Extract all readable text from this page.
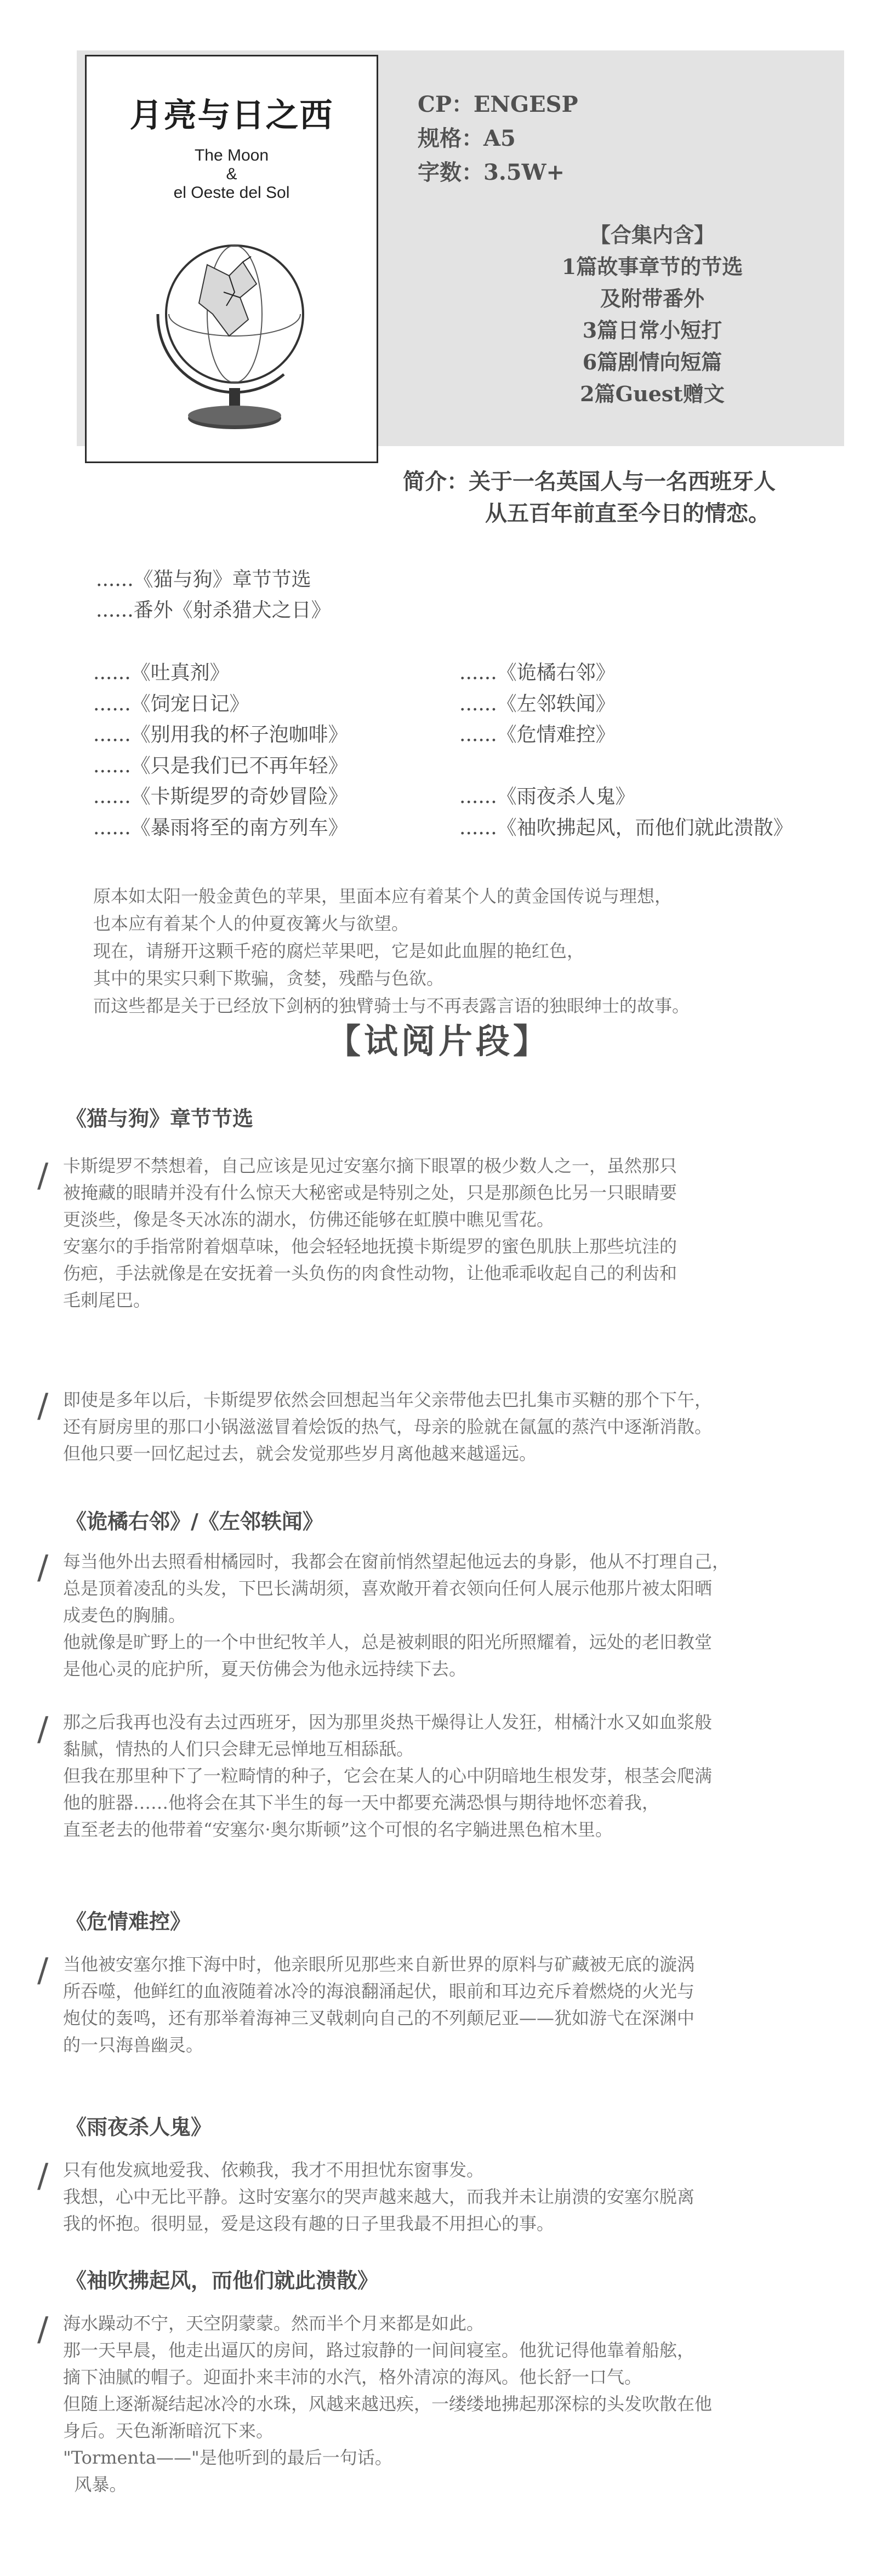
月亮与日之西
The Moon
&
el Oeste del Sol
CP：ENGESP
规格：A5
字数：3.5W+
【合集内含】
1篇故事章节的节选
及附带番外
3篇日常小短打
6篇剧情向短篇
2篇Guest赠文
简介：关于一名英国人与一名西班牙人
从五百年前直至今日的情恋。
......《猫与狗》章节节选
......番外《射杀猎犬之日》
......《吐真剂》
......《饲宠日记》
......《别用我的杯子泡咖啡》
......《只是我们已不再年轻》
......《卡斯缇罗的奇妙冒险》
......《暴雨将至的南方列车》
......《诡橘右邻》
......《左邻轶闻》
......《危情难控》
......《雨夜杀人鬼》
......《袖吹拂起风，而他们就此溃散》
原本如太阳一般金黄色的苹果，里面本应有着某个人的黄金国传说与理想，
也本应有着某个人的仲夏夜篝火与欲望。
现在，请掰开这颗千疮的腐烂苹果吧，它是如此血腥的艳红色，
其中的果实只剩下欺骗，贪婪，残酷与色欲。
而这些都是关于已经放下剑柄的独臂骑士与不再表露言语的独眼绅士的故事。
【试阅片段】
《猫与狗》章节节选
/ 卡斯缇罗不禁想着，自己应该是见过安塞尔摘下眼罩的极少数人之一，虽然那只
被掩藏的眼睛并没有什么惊天大秘密或是特别之处，只是那颜色比另一只眼睛要
更淡些，像是冬天冰冻的湖水，仿佛还能够在虹膜中瞧见雪花。
安塞尔的手指常附着烟草味，他会轻轻地抚摸卡斯缇罗的蜜色肌肤上那些坑洼的
伤疤，手法就像是在安抚着一头负伤的肉食性动物，让他乖乖收起自己的利齿和
毛刺尾巴。
/ 即使是多年以后，卡斯缇罗依然会回想起当年父亲带他去巴扎集市买糖的那个下午，
还有厨房里的那口小锅滋滋冒着烩饭的热气，母亲的脸就在氤氲的蒸汽中逐渐消散。
但他只要一回忆起过去，就会发觉那些岁月离他越来越遥远。
《诡橘右邻》/《左邻轶闻》
/ 每当他外出去照看柑橘园时，我都会在窗前悄然望起他远去的身影，他从不打理自己，
总是顶着凌乱的头发，下巴长满胡须，喜欢敞开着衣领向任何人展示他那片被太阳晒
成麦色的胸脯。
他就像是旷野上的一个中世纪牧羊人，总是被刺眼的阳光所照耀着，远处的老旧教堂
是他心灵的庇护所，夏天仿佛会为他永远持续下去。
/ 那之后我再也没有去过西班牙，因为那里炎热干燥得让人发狂，柑橘汁水又如血浆般
黏腻，情热的人们只会肆无忌惮地互相舔舐。
但我在那里种下了一粒畸情的种子，它会在某人的心中阴暗地生根发芽，根茎会爬满
他的脏器……他将会在其下半生的每一天中都要充满恐惧与期待地怀恋着我，
直至老去的他带着“安塞尔·奥尔斯顿”这个可恨的名字躺进黑色棺木里。
《危情难控》
/ 当他被安塞尔推下海中时，他亲眼所见那些来自新世界的原料与矿藏被无底的漩涡
所吞噬，他鲜红的血液随着冰冷的海浪翻涌起伏，眼前和耳边充斥着燃烧的火光与
炮仗的轰鸣，还有那举着海神三叉戟刺向自己的不列颠尼亚——犹如游弋在深渊中
的一只海兽幽灵。
《雨夜杀人鬼》
/ 只有他发疯地爱我、依赖我，我才不用担忧东窗事发。
我想，心中无比平静。这时安塞尔的哭声越来越大，而我并未让崩溃的安塞尔脱离
我的怀抱。很明显，爱是这段有趣的日子里我最不用担心的事。
《袖吹拂起风，而他们就此溃散》
/ 海水躁动不宁，天空阴蒙蒙。然而半个月来都是如此。
那一天早晨，他走出逼仄的房间，路过寂静的一间间寝室。他犹记得他靠着船舷，
摘下油腻的帽子。迎面扑来丰沛的水汽，格外清凉的海风。他长舒一口气。
但随上逐渐凝结起冰冷的水珠，风越来越迅疾，一缕缕地拂起那深棕的头发吹散在他
身后。天色渐渐暗沉下来。
"Tormenta——"是他听到的最后一句话。
风暴。
